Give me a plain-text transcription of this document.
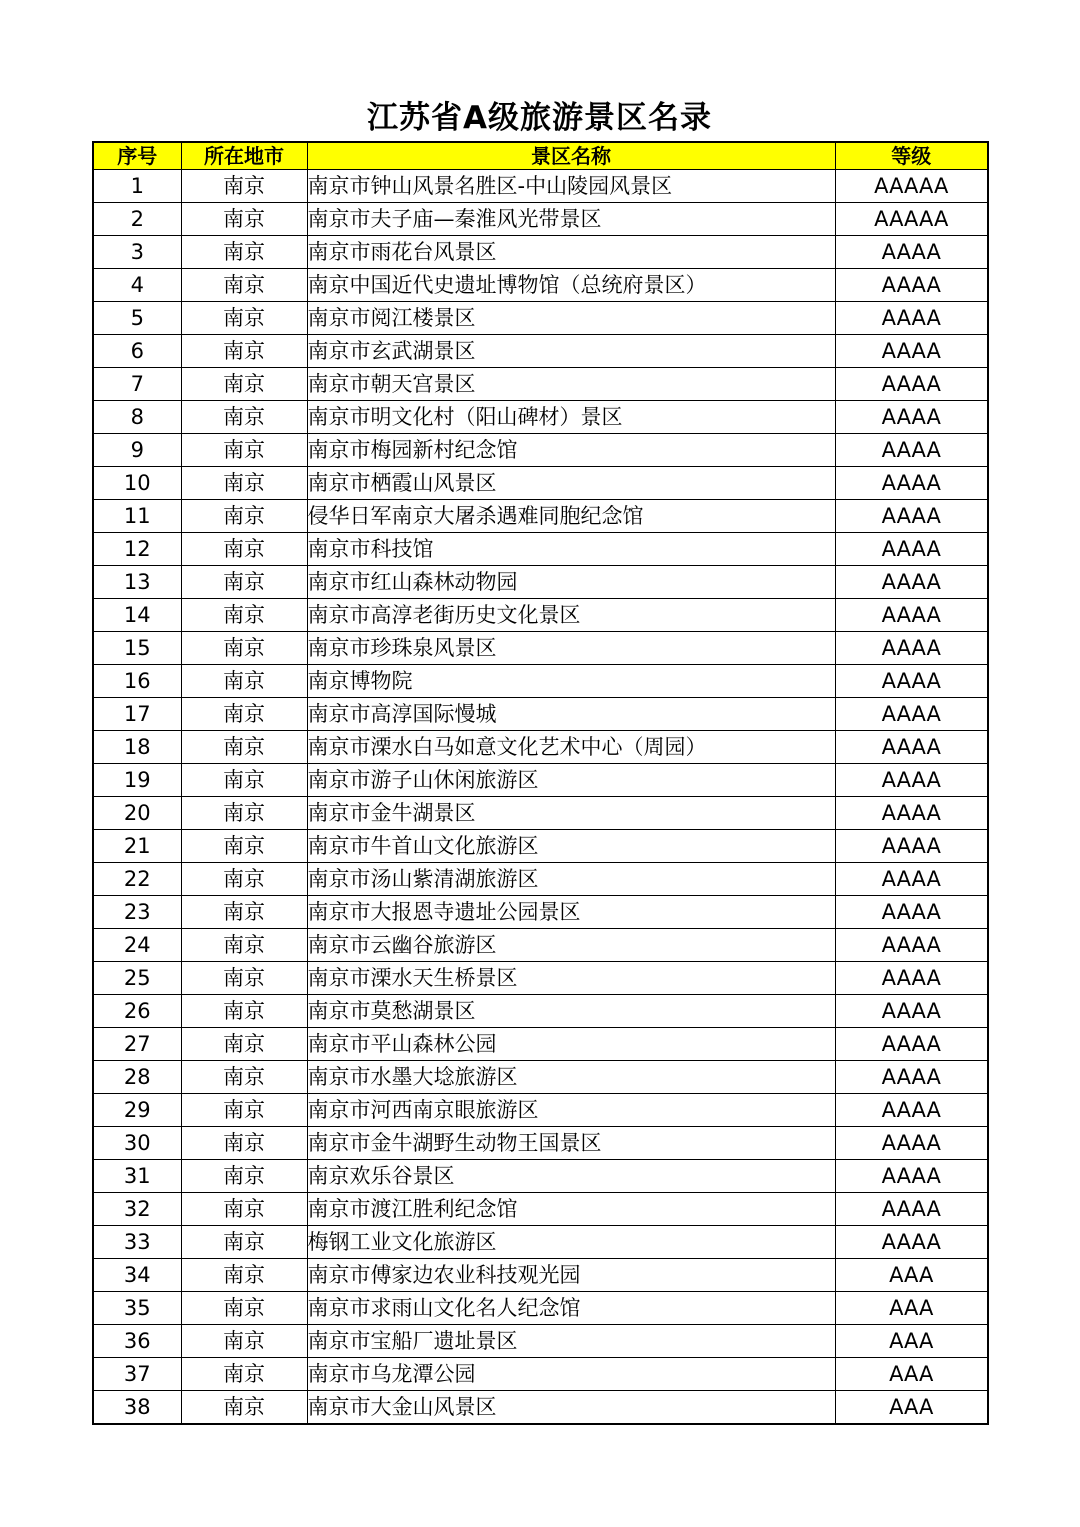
江苏省A级旅游景区名录
序号	所在地市	景区名称	等级
1	南京	南京市钟山风景名胜区-中山陵园风景区	AAAAA
2	南京	南京市夫子庙—秦淮风光带景区	AAAAA
3	南京	南京市雨花台风景区	AAAA
4	南京	南京中国近代史遗址博物馆（总统府景区）	AAAA
5	南京	南京市阅江楼景区	AAAA
6	南京	南京市玄武湖景区	AAAA
7	南京	南京市朝天宫景区	AAAA
8	南京	南京市明文化村（阳山碑材）景区	AAAA
9	南京	南京市梅园新村纪念馆	AAAA
10	南京	南京市栖霞山风景区	AAAA
11	南京	侵华日军南京大屠杀遇难同胞纪念馆	AAAA
12	南京	南京市科技馆	AAAA
13	南京	南京市红山森林动物园	AAAA
14	南京	南京市高淳老街历史文化景区	AAAA
15	南京	南京市珍珠泉风景区	AAAA
16	南京	南京博物院	AAAA
17	南京	南京市高淳国际慢城	AAAA
18	南京	南京市溧水白马如意文化艺术中心（周园）	AAAA
19	南京	南京市游子山休闲旅游区	AAAA
20	南京	南京市金牛湖景区	AAAA
21	南京	南京市牛首山文化旅游区	AAAA
22	南京	南京市汤山紫清湖旅游区	AAAA
23	南京	南京市大报恩寺遗址公园景区	AAAA
24	南京	南京市云幽谷旅游区	AAAA
25	南京	南京市溧水天生桥景区	AAAA
26	南京	南京市莫愁湖景区	AAAA
27	南京	南京市平山森林公园	AAAA
28	南京	南京市水墨大埝旅游区	AAAA
29	南京	南京市河西南京眼旅游区	AAAA
30	南京	南京市金牛湖野生动物王国景区	AAAA
31	南京	南京欢乐谷景区	AAAA
32	南京	南京市渡江胜利纪念馆	AAAA
33	南京	梅钢工业文化旅游区	AAAA
34	南京	南京市傅家边农业科技观光园	AAA
35	南京	南京市求雨山文化名人纪念馆	AAA
36	南京	南京市宝船厂遗址景区	AAA
37	南京	南京市乌龙潭公园	AAA
38	南京	南京市大金山风景区	AAA
